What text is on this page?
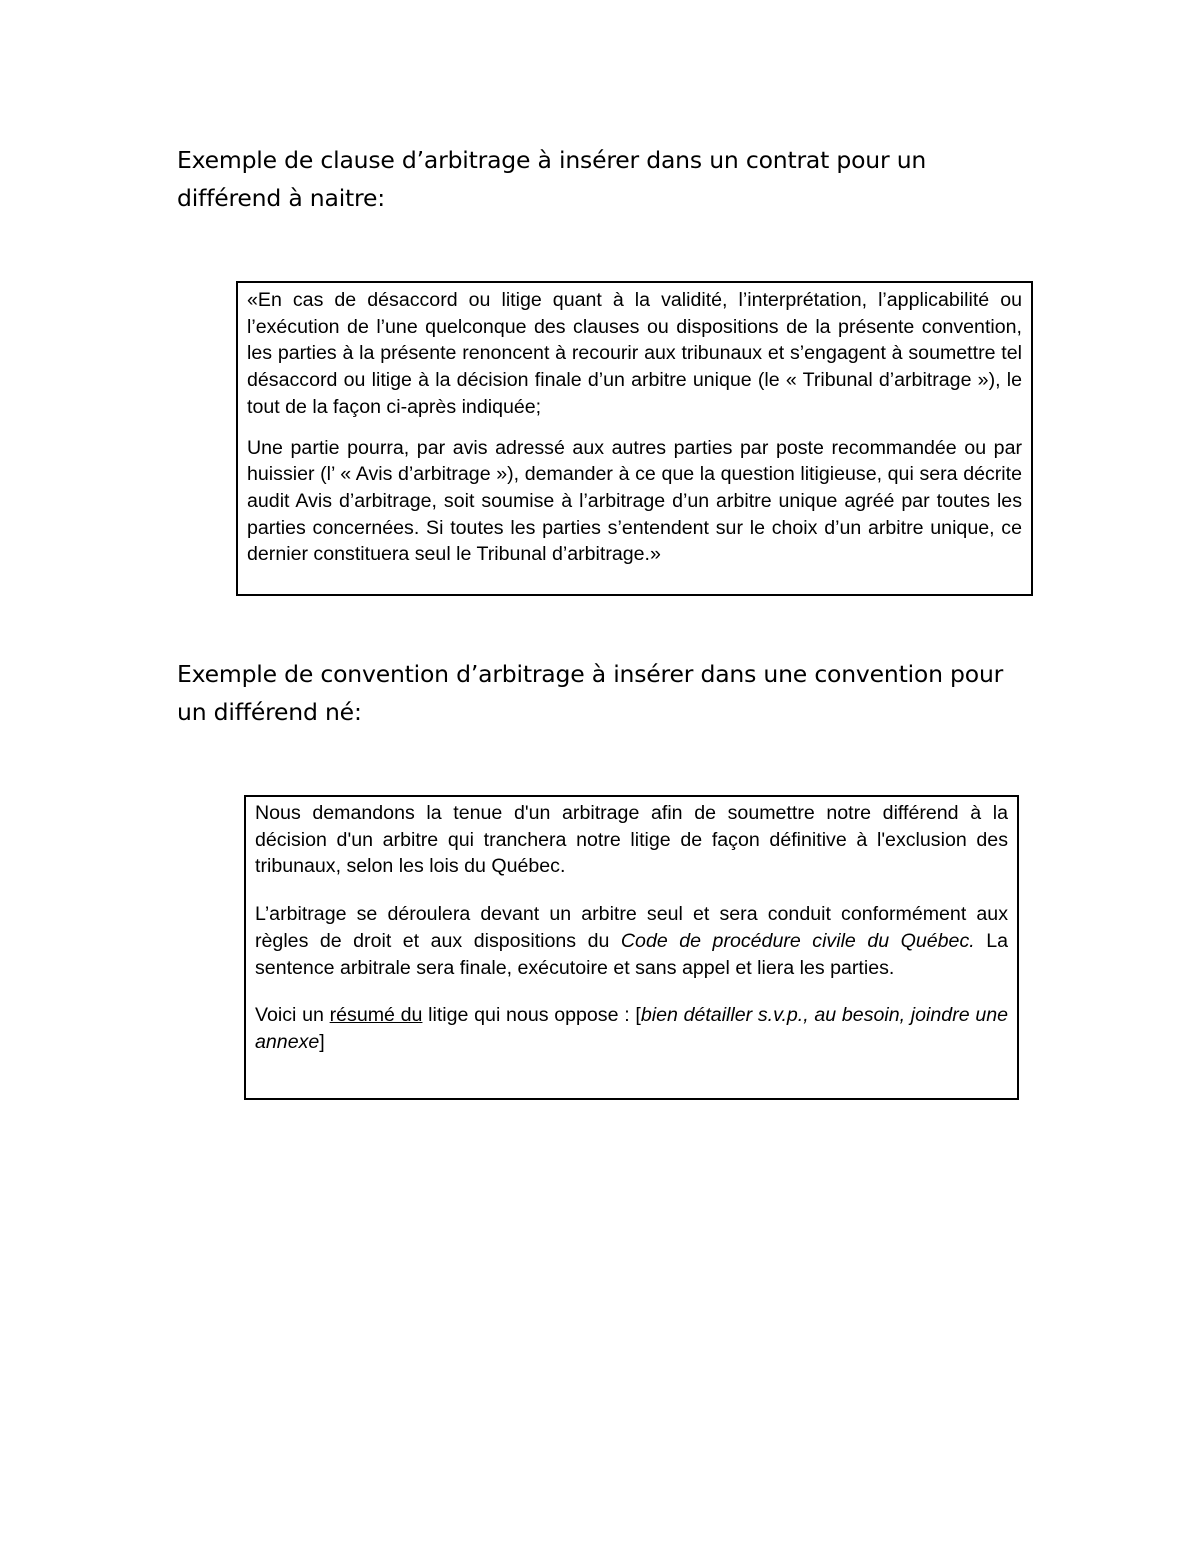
Exemple de clause d’arbitrage à insérer dans un contrat pour un différend à naitre:

«En cas de désaccord ou litige quant à la validité, l’interprétation, l’applicabilité ou l’exécution de l’une quelconque des clauses ou dispositions de la présente convention, les parties à la présente renoncent à recourir aux tribunaux et s’engagent à soumettre tel désaccord ou litige à la décision finale d’un arbitre unique (le « Tribunal d’arbitrage »), le tout de la façon ci-après indiquée;

Une partie pourra, par avis adressé aux autres parties par poste recommandée ou par huissier (l’ « Avis d’arbitrage »), demander à ce que la question litigieuse, qui sera décrite audit Avis d’arbitrage, soit soumise à l’arbitrage d’un arbitre unique agréé par toutes les parties concernées. Si toutes les parties s’entendent sur le choix d’un arbitre unique, ce dernier constituera seul le Tribunal d’arbitrage.»

Exemple de convention d’arbitrage à insérer dans une convention pour un différend né:

Nous demandons la tenue d'un arbitrage afin de soumettre notre différend à la décision d'un arbitre qui tranchera notre litige de façon définitive à l'exclusion des tribunaux, selon les lois du Québec.

L’arbitrage se déroulera devant un arbitre seul et sera conduit conformément aux règles de droit et aux dispositions du Code de procédure civile du Québec. La sentence arbitrale sera finale, exécutoire et sans appel et liera les parties.

Voici un résumé du litige qui nous oppose : [bien détailler s.v.p., au besoin, joindre une annexe]
